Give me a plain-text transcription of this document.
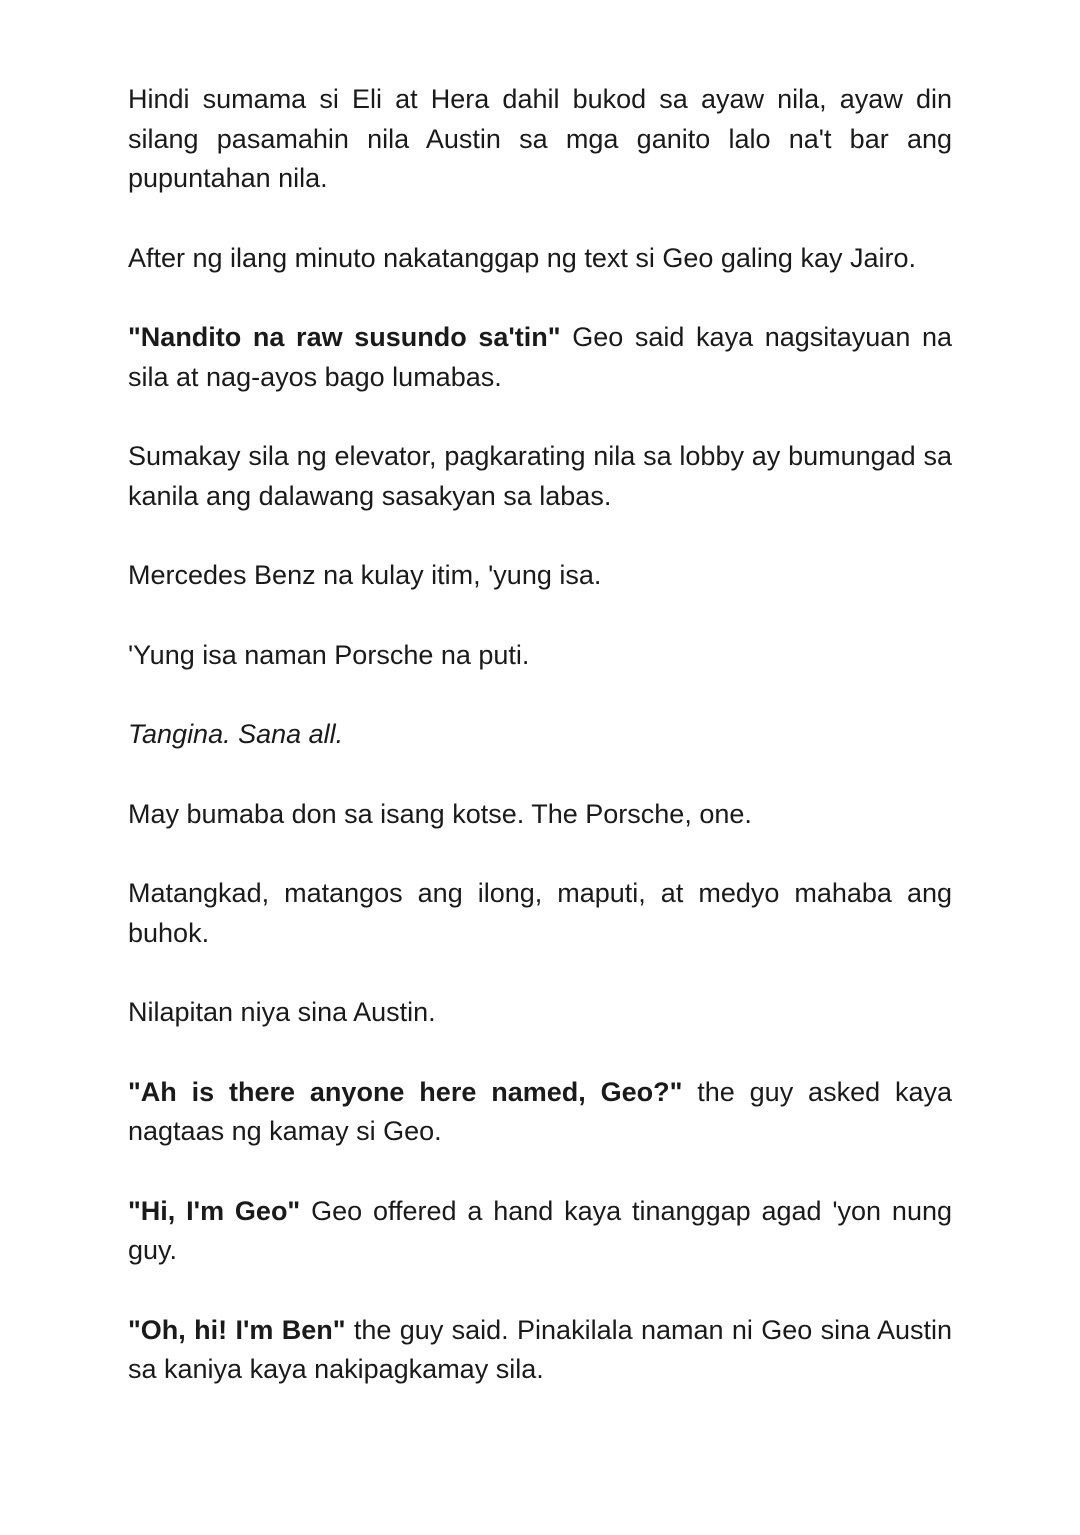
Hindi sumama si Eli at Hera dahil bukod sa ayaw nila, ayaw din silang pasamahin nila Austin sa mga ganito lalo na't bar ang pupuntahan nila.

After ng ilang minuto nakatanggap ng text si Geo galing kay Jairo.

"Nandito na raw susundo sa'tin" Geo said kaya nagsitayuan na sila at nag-ayos bago lumabas.

Sumakay sila ng elevator, pagkarating nila sa lobby ay bumungad sa kanila ang dalawang sasakyan sa labas.

Mercedes Benz na kulay itim, 'yung isa.

'Yung isa naman Porsche na puti.

Tangina. Sana all.

May bumaba don sa isang kotse. The Porsche, one.

Matangkad, matangos ang ilong, maputi, at medyo mahaba ang buhok.

Nilapitan niya sina Austin.

"Ah is there anyone here named, Geo?" the guy asked kaya nagtaas ng kamay si Geo.

"Hi, I'm Geo" Geo offered a hand kaya tinanggap agad 'yon nung guy.

"Oh, hi! I'm Ben" the guy said. Pinakilala naman ni Geo sina Austin sa kaniya kaya nakipagkamay sila.
